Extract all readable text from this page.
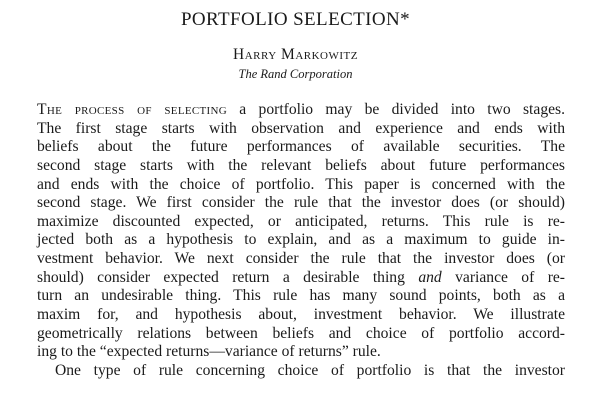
PORTFOLIO SELECTION*
Harry Markowitz
The Rand Corporation
The process of selecting a portfolio may be divided into two stages.
The first stage starts with observation and experience and ends with
beliefs about the future performances of available securities. The
second stage starts with the relevant beliefs about future performances
and ends with the choice of portfolio. This paper is concerned with the
second stage. We first consider the rule that the investor does (or should)
maximize discounted expected, or anticipated, returns. This rule is re-
jected both as a hypothesis to explain, and as a maximum to guide in-
vestment behavior. We next consider the rule that the investor does (or
should) consider expected return a desirable thing and variance of re-
turn an undesirable thing. This rule has many sound points, both as a
maxim for, and hypothesis about, investment behavior. We illustrate
geometrically relations between beliefs and choice of portfolio accord-
ing to the “expected returns—variance of returns” rule.
One type of rule concerning choice of portfolio is that the investor
